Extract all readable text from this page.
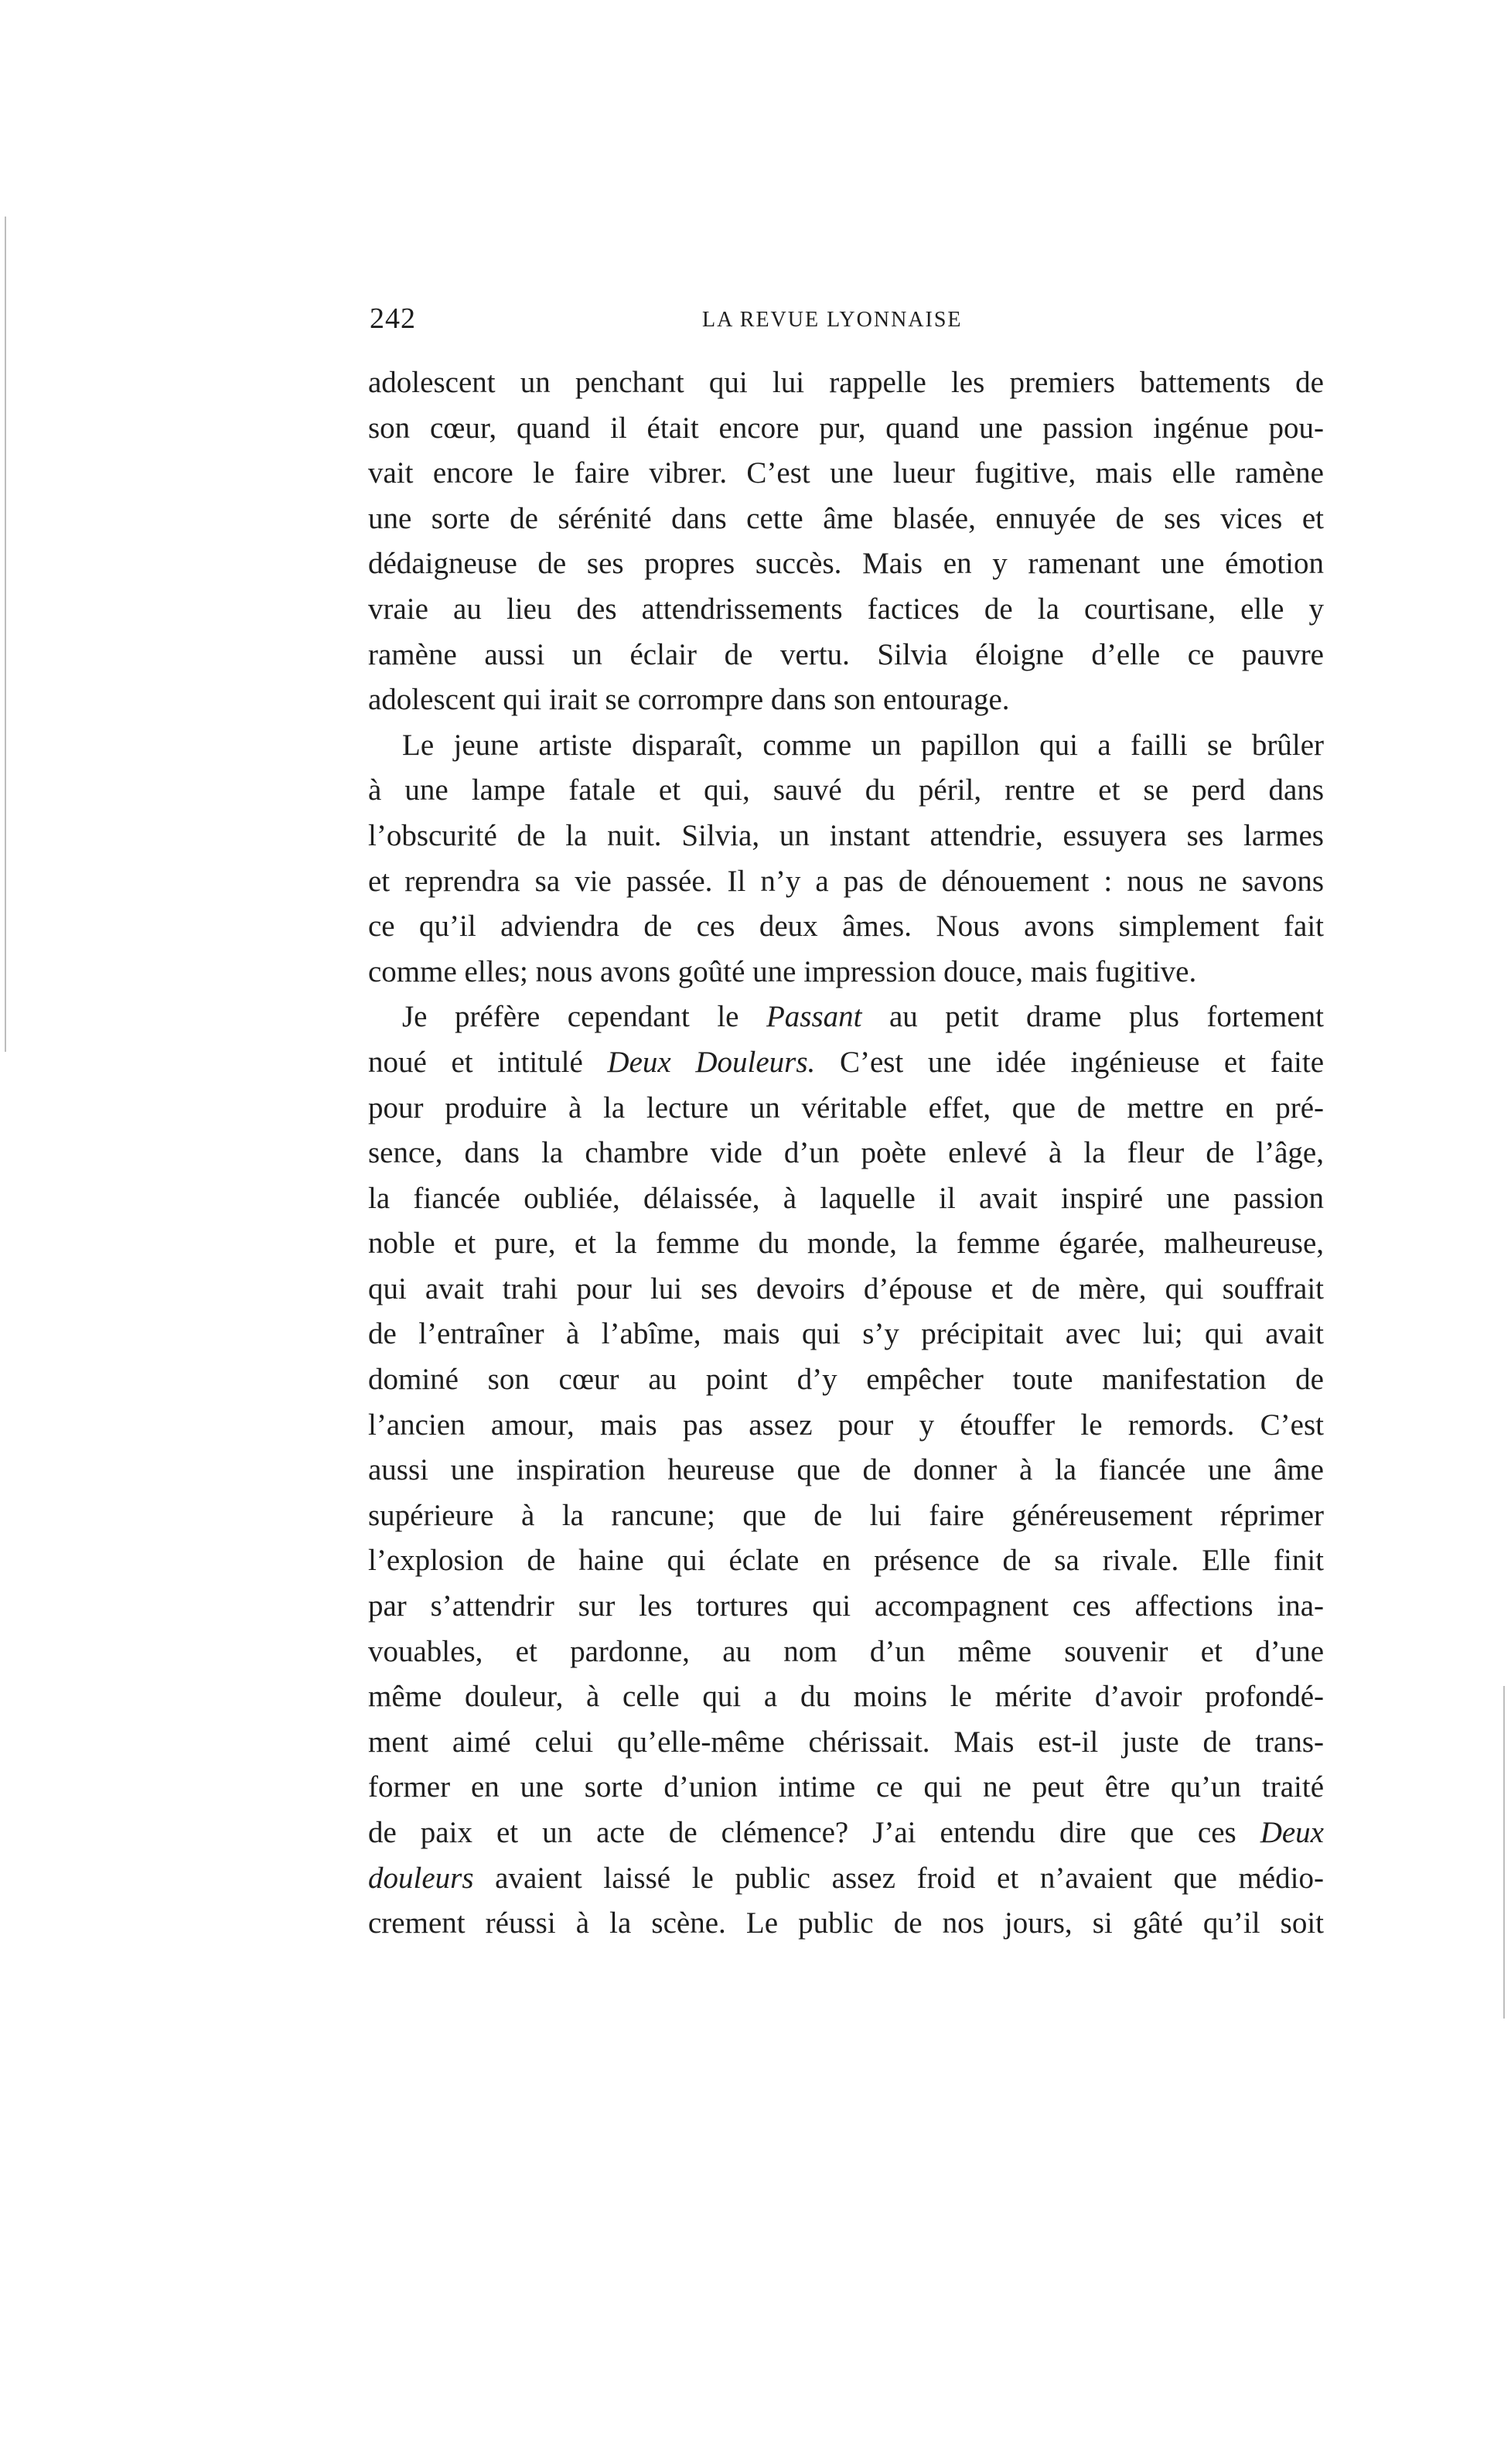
242	LA REVUE LYONNAISE
adolescent un penchant qui lui rappelle les premiers battements de
son cœur, quand il était encore pur, quand une passion ingénue pou-
vait encore le faire vibrer. C’est une lueur fugitive, mais elle ramène
une sorte de sérénité dans cette âme blasée, ennuyée de ses vices et
dédaigneuse de ses propres succès. Mais en y ramenant une émotion
vraie au lieu des attendrissements factices de la courtisane, elle y
ramène aussi un éclair de vertu. Silvia éloigne d’elle ce pauvre
adolescent qui irait se corrompre dans son entourage.
Le jeune artiste disparaît, comme un papillon qui a failli se brûler
à une lampe fatale et qui, sauvé du péril, rentre et se perd dans
l’obscurité de la nuit. Silvia, un instant attendrie, essuyera ses larmes
et reprendra sa vie passée. Il n’y a pas de dénouement : nous ne savons
ce qu’il adviendra de ces deux âmes. Nous avons simplement fait
comme elles; nous avons goûté une impression douce, mais fugitive.
Je préfère cependant le Passant au petit drame plus fortement
noué et intitulé Deux Douleurs. C’est une idée ingénieuse et faite
pour produire à la lecture un véritable effet, que de mettre en pré-
sence, dans la chambre vide d’un poète enlevé à la fleur de l’âge,
la fiancée oubliée, délaissée, à laquelle il avait inspiré une passion
noble et pure, et la femme du monde, la femme égarée, malheureuse,
qui avait trahi pour lui ses devoirs d’épouse et de mère, qui souffrait
de l’entraîner à l’abîme, mais qui s’y précipitait avec lui; qui avait
dominé son cœur au point d’y empêcher toute manifestation de
l’ancien amour, mais pas assez pour y étouffer le remords. C’est
aussi une inspiration heureuse que de donner à la fiancée une âme
supérieure à la rancune; que de lui faire généreusement réprimer
l’explosion de haine qui éclate en présence de sa rivale. Elle finit
par s’attendrir sur les tortures qui accompagnent ces affections ina-
vouables, et pardonne, au nom d’un même souvenir et d’une
même douleur, à celle qui a du moins le mérite d’avoir profondé-
ment aimé celui qu’elle-même chérissait. Mais est-il juste de trans-
former en une sorte d’union intime ce qui ne peut être qu’un traité
de paix et un acte de clémence? J’ai entendu dire que ces Deux
douleurs avaient laissé le public assez froid et n’avaient que médio-
crement réussi à la scène. Le public de nos jours, si gâté qu’il soit
